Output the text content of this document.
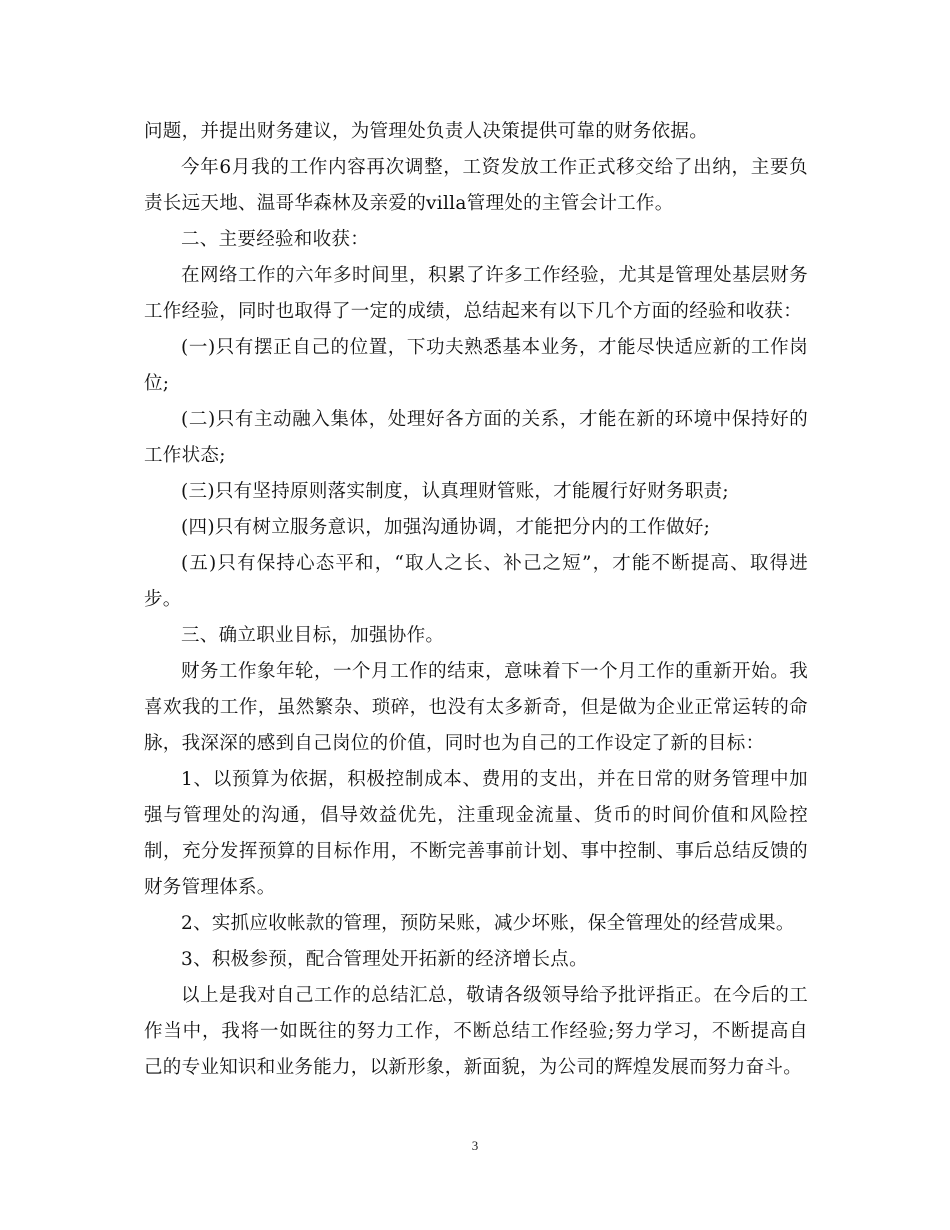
问题，并提出财务建议，为管理处负责人决策提供可靠的财务依据。

今年6月我的工作内容再次调整，工资发放工作正式移交给了出纳，主要负责长远天地、温哥华森林及亲爱的villa管理处的主管会计工作。

二、主要经验和收获：

在网络工作的六年多时间里，积累了许多工作经验，尤其是管理处基层财务工作经验，同时也取得了一定的成绩，总结起来有以下几个方面的经验和收获：

(一)只有摆正自己的位置，下功夫熟悉基本业务，才能尽快适应新的工作岗位;

(二)只有主动融入集体，处理好各方面的关系，才能在新的环境中保持好的工作状态;

(三)只有坚持原则落实制度，认真理财管账，才能履行好财务职责;

(四)只有树立服务意识，加强沟通协调，才能把分内的工作做好;

(五)只有保持心态平和，“取人之长、补己之短”，才能不断提高、取得进步。

三、确立职业目标，加强协作。

财务工作象年轮，一个月工作的结束，意味着下一个月工作的重新开始。我喜欢我的工作，虽然繁杂、琐碎，也没有太多新奇，但是做为企业正常运转的命脉，我深深的感到自己岗位的价值，同时也为自己的工作设定了新的目标：

1、以预算为依据，积极控制成本、费用的支出，并在日常的财务管理中加强与管理处的沟通，倡导效益优先，注重现金流量、货币的时间价值和风险控制，充分发挥预算的目标作用，不断完善事前计划、事中控制、事后总结反馈的财务管理体系。

2、实抓应收帐款的管理，预防呆账，减少坏账，保全管理处的经营成果。

3、积极参预，配合管理处开拓新的经济增长点。

以上是我对自己工作的总结汇总，敬请各级领导给予批评指正。在今后的工作当中，我将一如既往的努力工作，不断总结工作经验;努力学习，不断提高自己的专业知识和业务能力，以新形象，新面貌，为公司的辉煌发展而努力奋斗。

3
